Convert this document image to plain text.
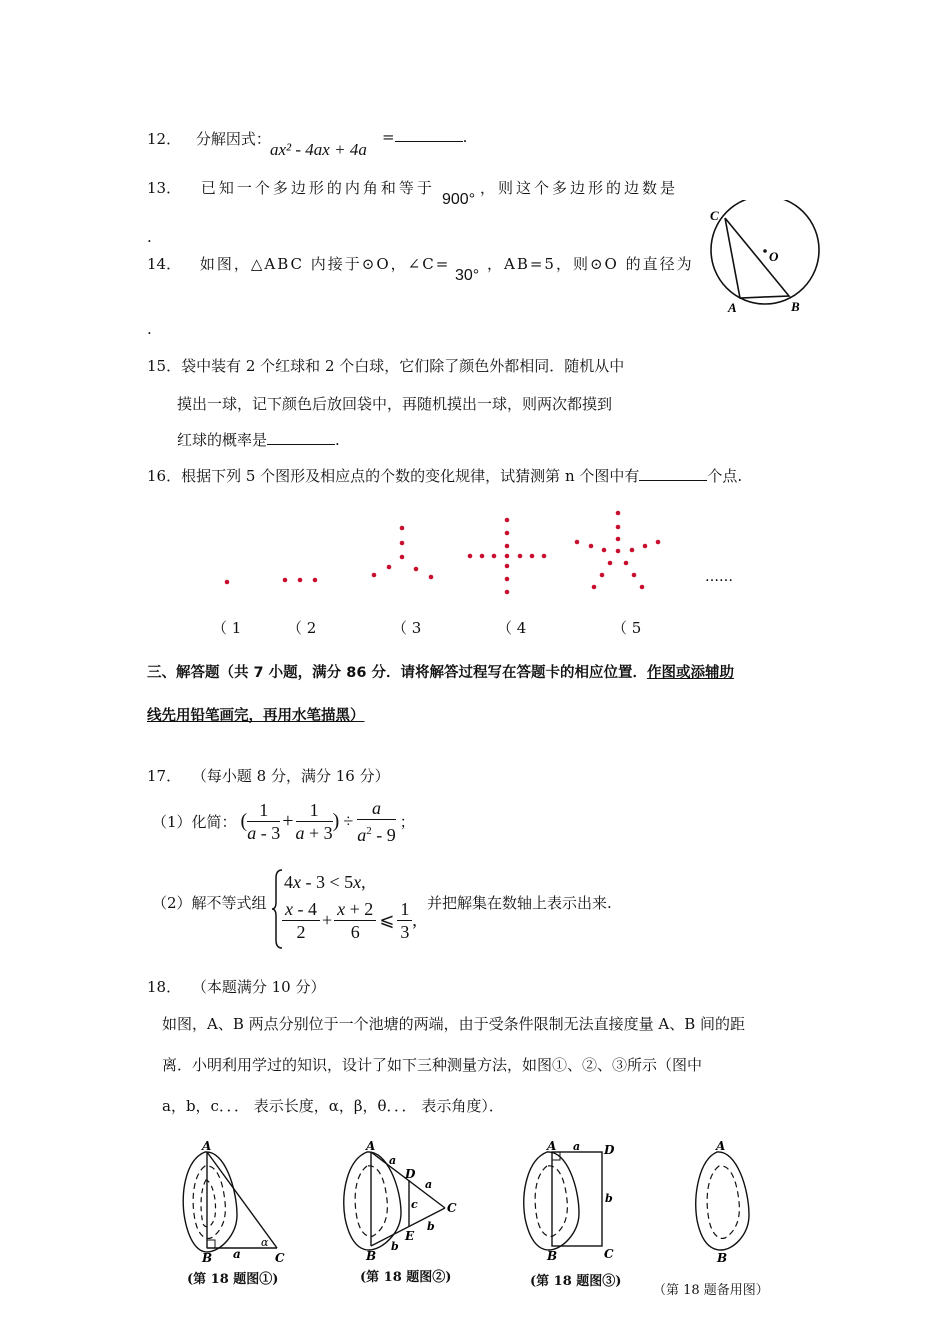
12． 分解因式：
ax² - 4ax + 4a
=	.
13． 已知一个多边形的内角和等于
900°
，则这个多边形的边数是
.
14． 如图，△ABC 内接于⊙O，∠C=
30°
，AB=5，则⊙O 的直径为
.
C
O
A	B
15．袋中装有 2 个红球和 2 个白球，它们除了颜色外都相同．随机从中
摸出一球，记下颜色后放回袋中，再随机摸出一球，则两次都摸到
红球的概率是	.
16．根据下列 5 个图形及相应点的个数的变化规律，试猜测第 n 个图中有	个点.
……
（ 1	（ 2	（ 3	（ 4	（ 5
三、解答题（共 7 小题，满分 86 分．请将解答过程写在答题卡的相应位置．作图或添辅助
线先用铅笔画完，再用水笔描黑）
17． （每小题 8 分，满分 16 分）
（1）化简： ( $\frac{1}{a - 3} + \frac{1}{a + 3}$ ) ÷ $\frac{a}{a^2 - 9}$ ；
（2）解不等式组
4x - 3 < 5x,
$\frac{x - 4}{2} + \frac{x + 2}{6}$ ⩽ $\frac{1}{3}$ ,
并把解集在数轴上表示出来.
18． （本题满分 10 分）
如图，A、B 两点分别位于一个池塘的两端，由于受条件限制无法直接度量 A、B 间的距
离．小明利用学过的知识，设计了如下三种测量方法，如图①、②、③所示（图中
a，b，c．．． 表示长度，α，β，θ．．． 表示角度）．
A
B	C
a
α
(第 18 题图①)
A
B
C
D
E
a
a
c
b
b
(第 18 题图②)
A
B
D
C
a
b
(第 18 题图③)
A
B
（第 18 题备用图）
